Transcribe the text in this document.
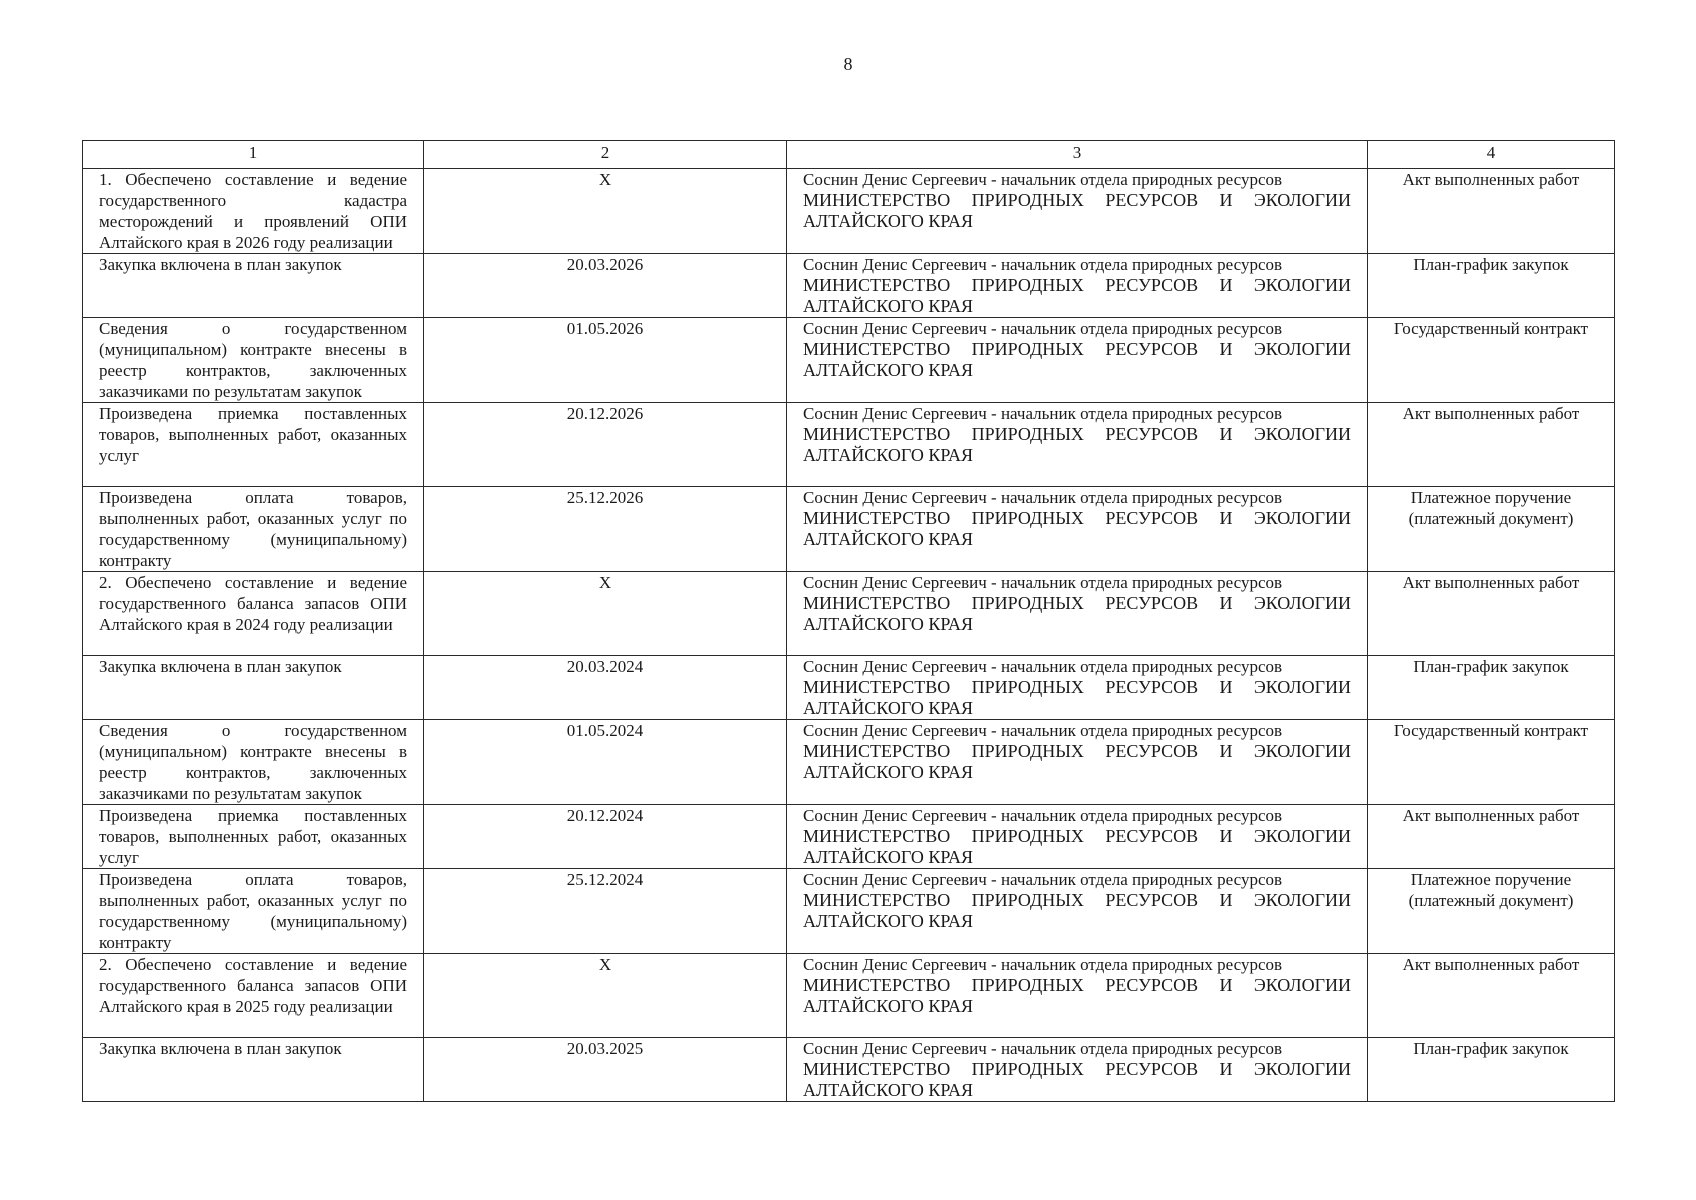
8
1	2	3	4
1. Обеспечено составление и ведение государственного кадастра месторождений и проявлений ОПИ Алтайского края в 2026 году реализации	X	Соснин Денис Сергеевич - начальник отдела природных ресурсов
МИНИСТЕРСТВО ПРИРОДНЫХ РЕСУРСОВ И ЭКОЛОГИИ
АЛТАЙСКОГО КРАЯ	Акт выполненных работ
Закупка включена в план закупок	20.03.2026	Соснин Денис Сергеевич - начальник отдела природных ресурсов
МИНИСТЕРСТВО ПРИРОДНЫХ РЕСУРСОВ И ЭКОЛОГИИ
АЛТАЙСКОГО КРАЯ	План-график закупок
Сведения о государственном (муниципальном) контракте внесены в реестр контрактов, заключенных заказчиками по результатам закупок	01.05.2026	Соснин Денис Сергеевич - начальник отдела природных ресурсов
МИНИСТЕРСТВО ПРИРОДНЫХ РЕСУРСОВ И ЭКОЛОГИИ
АЛТАЙСКОГО КРАЯ	Государственный контракт
Произведена приемка поставленных товаров, выполненных работ, оказанных услуг	20.12.2026	Соснин Денис Сергеевич - начальник отдела природных ресурсов
МИНИСТЕРСТВО ПРИРОДНЫХ РЕСУРСОВ И ЭКОЛОГИИ
АЛТАЙСКОГО КРАЯ	Акт выполненных работ
Произведена оплата товаров, выполненных работ, оказанных услуг по государственному (муниципальному) контракту	25.12.2026	Соснин Денис Сергеевич - начальник отдела природных ресурсов
МИНИСТЕРСТВО ПРИРОДНЫХ РЕСУРСОВ И ЭКОЛОГИИ
АЛТАЙСКОГО КРАЯ	Платежное поручение (платежный документ)
2. Обеспечено составление и ведение государственного баланса запасов ОПИ Алтайского края в 2024 году реализации	X	Соснин Денис Сергеевич - начальник отдела природных ресурсов
МИНИСТЕРСТВО ПРИРОДНЫХ РЕСУРСОВ И ЭКОЛОГИИ
АЛТАЙСКОГО КРАЯ	Акт выполненных работ
Закупка включена в план закупок	20.03.2024	Соснин Денис Сергеевич - начальник отдела природных ресурсов
МИНИСТЕРСТВО ПРИРОДНЫХ РЕСУРСОВ И ЭКОЛОГИИ
АЛТАЙСКОГО КРАЯ	План-график закупок
Сведения о государственном (муниципальном) контракте внесены в реестр контрактов, заключенных заказчиками по результатам закупок	01.05.2024	Соснин Денис Сергеевич - начальник отдела природных ресурсов
МИНИСТЕРСТВО ПРИРОДНЫХ РЕСУРСОВ И ЭКОЛОГИИ
АЛТАЙСКОГО КРАЯ	Государственный контракт
Произведена приемка поставленных товаров, выполненных работ, оказанных услуг	20.12.2024	Соснин Денис Сергеевич - начальник отдела природных ресурсов
МИНИСТЕРСТВО ПРИРОДНЫХ РЕСУРСОВ И ЭКОЛОГИИ
АЛТАЙСКОГО КРАЯ	Акт выполненных работ
Произведена оплата товаров, выполненных работ, оказанных услуг по государственному (муниципальному) контракту	25.12.2024	Соснин Денис Сергеевич - начальник отдела природных ресурсов
МИНИСТЕРСТВО ПРИРОДНЫХ РЕСУРСОВ И ЭКОЛОГИИ
АЛТАЙСКОГО КРАЯ	Платежное поручение (платежный документ)
2. Обеспечено составление и ведение государственного баланса запасов ОПИ Алтайского края в 2025 году реализации	X	Соснин Денис Сергеевич - начальник отдела природных ресурсов
МИНИСТЕРСТВО ПРИРОДНЫХ РЕСУРСОВ И ЭКОЛОГИИ
АЛТАЙСКОГО КРАЯ	Акт выполненных работ
Закупка включена в план закупок	20.03.2025	Соснин Денис Сергеевич - начальник отдела природных ресурсов
МИНИСТЕРСТВО ПРИРОДНЫХ РЕСУРСОВ И ЭКОЛОГИИ
АЛТАЙСКОГО КРАЯ	План-график закупок
